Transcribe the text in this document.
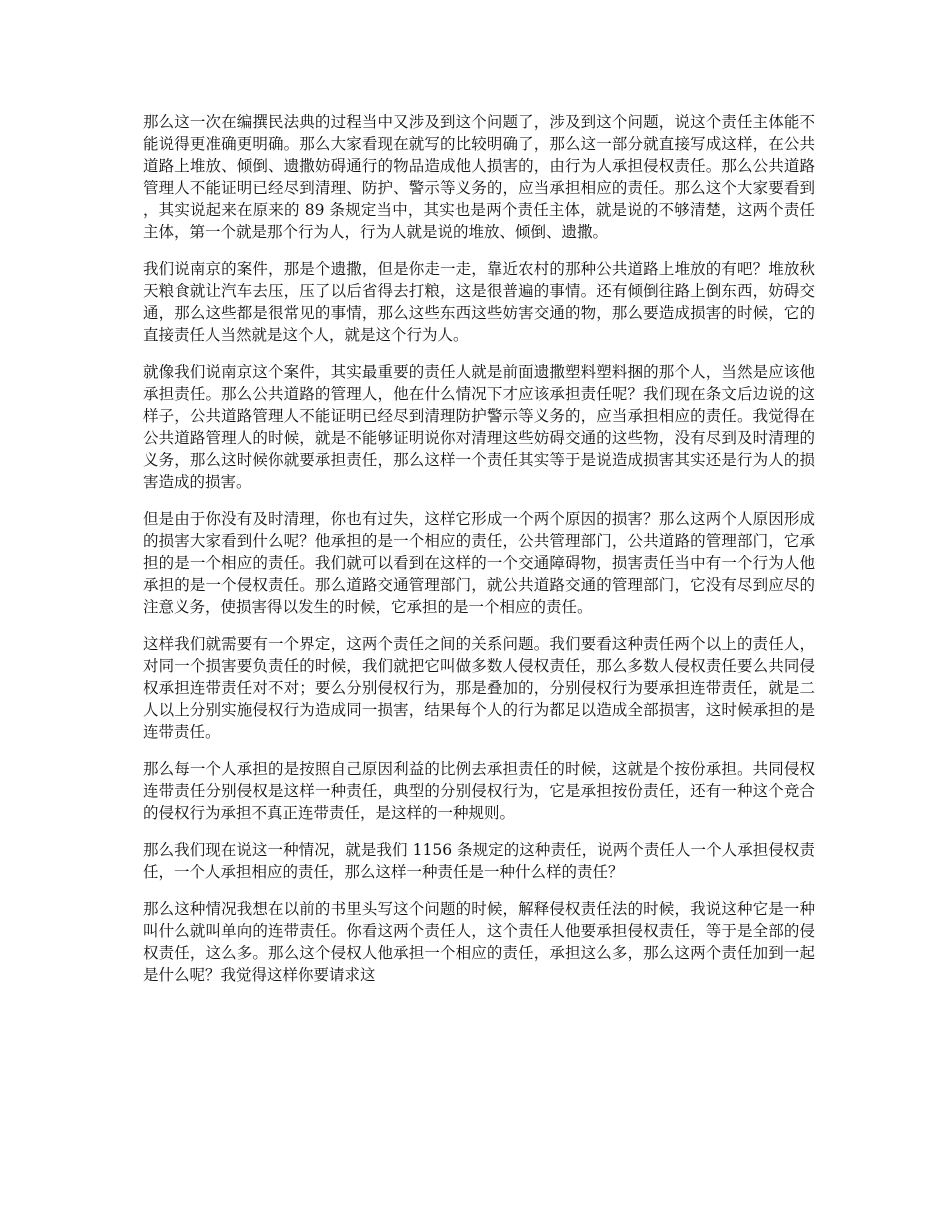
那么这一次在编撰民法典的过程当中又涉及到这个问题了，涉及到这个问题，说这个责任主体能不能说得更准确更明确。那么大家看现在就写的比较明确了，那么这一部分就直接写成这样，在公共道路上堆放、倾倒、遗撒妨碍通行的物品造成他人损害的，由行为人承担侵权责任。那么公共道路管理人不能证明已经尽到清理、防护、警示等义务的，应当承担相应的责任。那么这个大家要看到，其实说起来在原来的 89 条规定当中，其实也是两个责任主体，就是说的不够清楚，这两个责任主体，第一个就是那个行为人，行为人就是说的堆放、倾倒、遗撒。

我们说南京的案件，那是个遗撒，但是你走一走，靠近农村的那种公共道路上堆放的有吧？堆放秋天粮食就让汽车去压，压了以后省得去打粮，这是很普遍的事情。还有倾倒往路上倒东西，妨碍交通，那么这些都是很常见的事情，那么这些东西这些妨害交通的物，那么要造成损害的时候，它的直接责任人当然就是这个人，就是这个行为人。

就像我们说南京这个案件，其实最重要的责任人就是前面遗撒塑料塑料捆的那个人，当然是应该他承担责任。那么公共道路的管理人，他在什么情况下才应该承担责任呢？我们现在条文后边说的这样子，公共道路管理人不能证明已经尽到清理防护警示等义务的，应当承担相应的责任。我觉得在公共道路管理人的时候，就是不能够证明说你对清理这些妨碍交通的这些物，没有尽到及时清理的义务，那么这时候你就要承担责任，那么这样一个责任其实等于是说造成损害其实还是行为人的损害造成的损害。

但是由于你没有及时清理，你也有过失，这样它形成一个两个原因的损害？那么这两个人原因形成的损害大家看到什么呢？他承担的是一个相应的责任，公共管理部门，公共道路的管理部门，它承担的是一个相应的责任。我们就可以看到在这样的一个交通障碍物，损害责任当中有一个行为人他承担的是一个侵权责任。那么道路交通管理部门，就公共道路交通的管理部门，它没有尽到应尽的注意义务，使损害得以发生的时候，它承担的是一个相应的责任。

这样我们就需要有一个界定，这两个责任之间的关系问题。我们要看这种责任两个以上的责任人，对同一个损害要负责任的时候，我们就把它叫做多数人侵权责任，那么多数人侵权责任要么共同侵权承担连带责任对不对；要么分别侵权行为，那是叠加的，分别侵权行为要承担连带责任，就是二人以上分别实施侵权行为造成同一损害，结果每个人的行为都足以造成全部损害，这时候承担的是连带责任。

那么每一个人承担的是按照自己原因利益的比例去承担责任的时候，这就是个按份承担。共同侵权连带责任分别侵权是这样一种责任，典型的分别侵权行为，它是承担按份责任，还有一种这个竞合的侵权行为承担不真正连带责任，是这样的一种规则。

那么我们现在说这一种情况，就是我们 1156 条规定的这种责任，说两个责任人一个人承担侵权责任，一个人承担相应的责任，那么这样一种责任是一种什么样的责任？

那么这种情况我想在以前的书里头写这个问题的时候，解释侵权责任法的时候，我说这种它是一种叫什么就叫单向的连带责任。你看这两个责任人，这个责任人他要承担侵权责任，等于是全部的侵权责任，这么多。那么这个侵权人他承担一个相应的责任，承担这么多，那么这两个责任加到一起是什么呢？我觉得这样你要请求这
